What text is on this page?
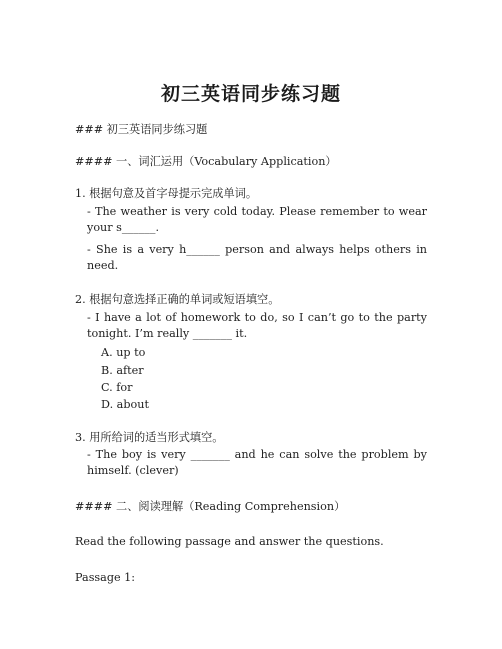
初三英语同步练习题
### 初三英语同步练习题
#### 一、词汇运用（Vocabulary Application）
1. 根据句意及首字母提示完成单词。
- The weather is very cold today. Please remember to wear your s______.
- She is a very h______ person and always helps others in need.
2. 根据句意选择正确的单词或短语填空。
- I have a lot of homework to do, so I can’t go to the party tonight. I’m really _______ it.
A. up to
B. after
C. for
D. about
3. 用所给词的适当形式填空。
- The boy is very _______ and he can solve the problem by himself. (clever)
#### 二、阅读理解（Reading Comprehension）
Read the following passage and answer the questions.
Passage 1:
